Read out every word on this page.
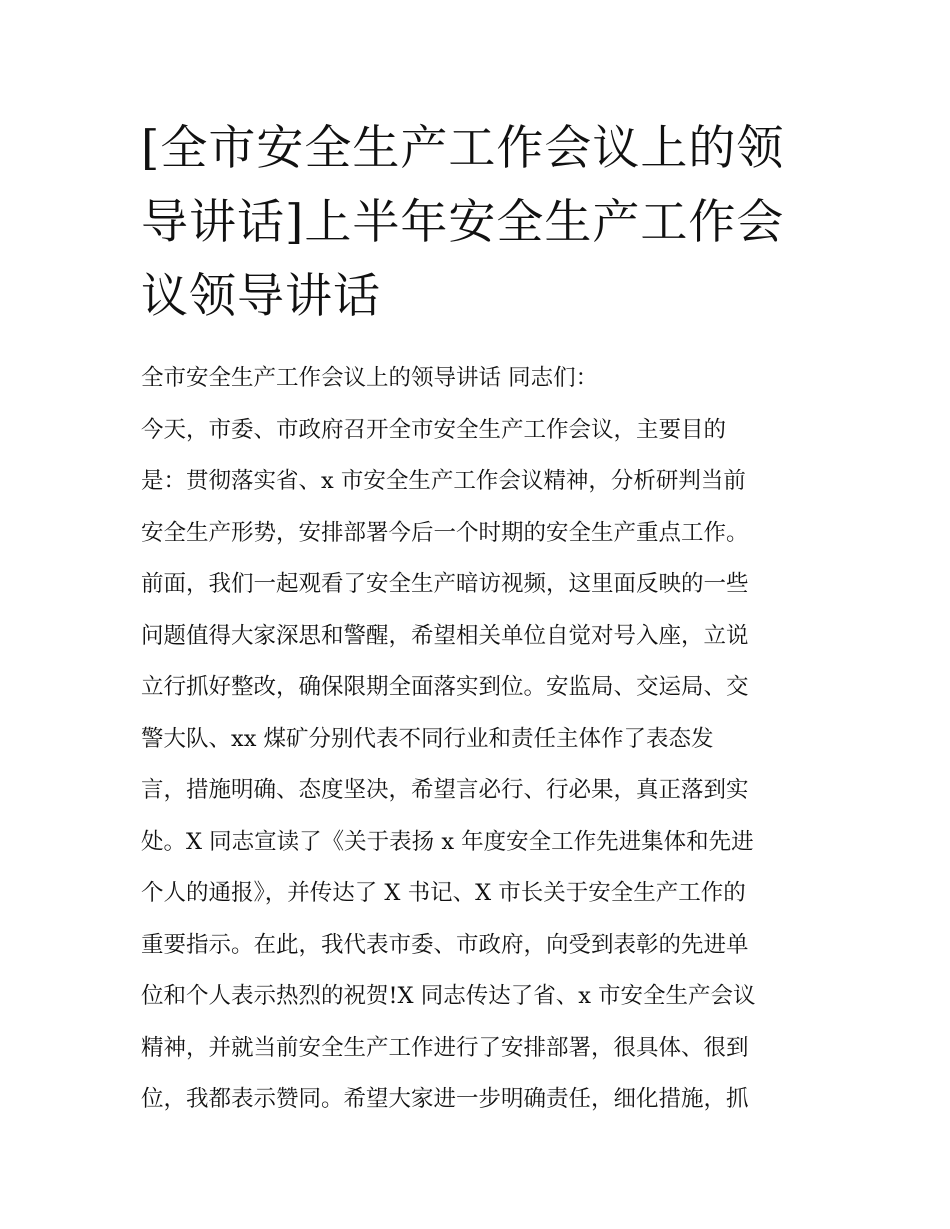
[全市安全生产工作会议上的领
导讲话]上半年安全生产工作会
议领导讲话
全市安全生产工作会议上的领导讲话 同志们：
今天，市委、市政府召开全市安全生产工作会议，主要目的
是：贯彻落实省、x 市安全生产工作会议精神，分析研判当前
安全生产形势，安排部署今后一个时期的安全生产重点工作。
前面，我们一起观看了安全生产暗访视频，这里面反映的一些
问题值得大家深思和警醒，希望相关单位自觉对号入座，立说
立行抓好整改，确保限期全面落实到位。安监局、交运局、交
警大队、xx 煤矿分别代表不同行业和责任主体作了表态发
言，措施明确、态度坚决，希望言必行、行必果，真正落到实
处。X 同志宣读了《关于表扬 x 年度安全工作先进集体和先进
个人的通报》，并传达了 X 书记、X 市长关于安全生产工作的
重要指示。在此，我代表市委、市政府，向受到表彰的先进单
位和个人表示热烈的祝贺!X 同志传达了省、x 市安全生产会议
精神，并就当前安全生产工作进行了安排部署，很具体、很到
位，我都表示赞同。希望大家进一步明确责任，细化措施，抓
